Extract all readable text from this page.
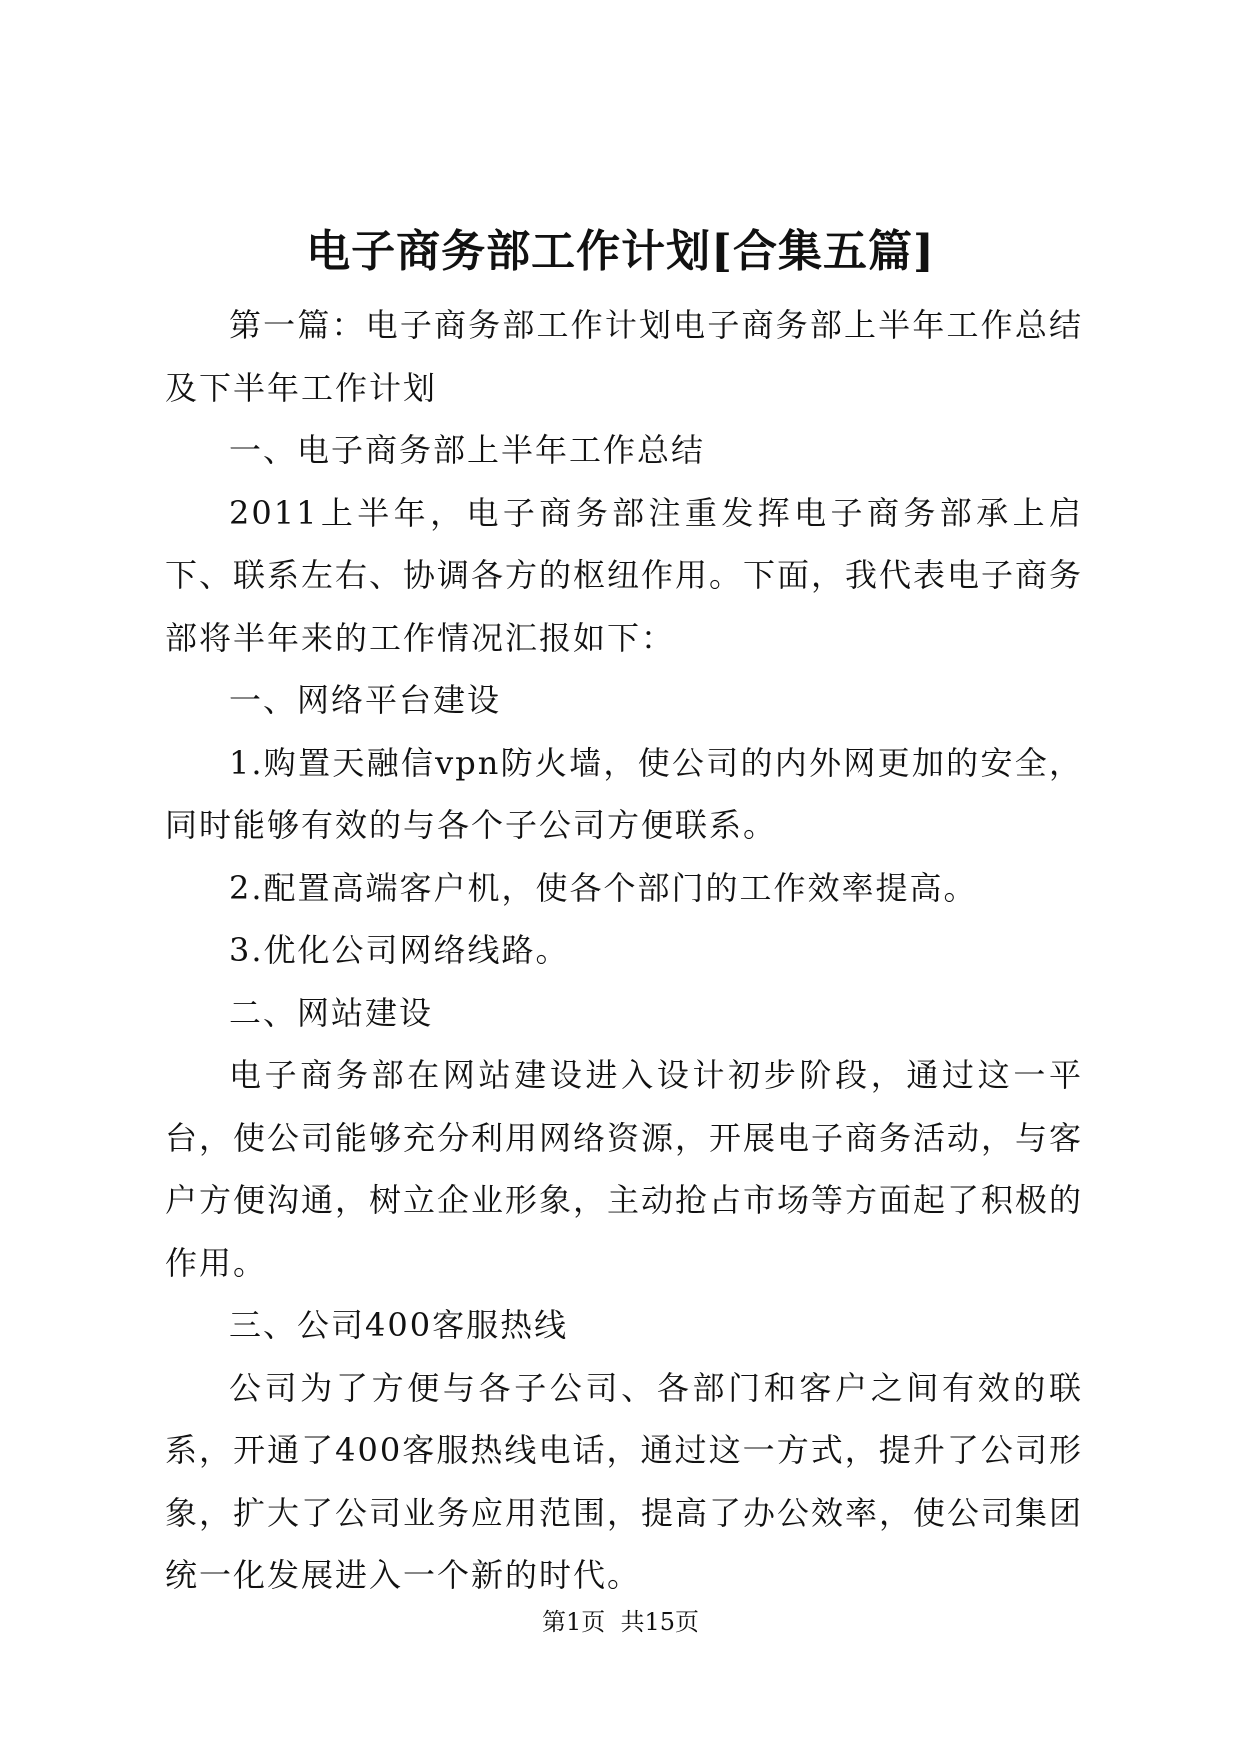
电子商务部工作计划[合集五篇]

第一篇：电子商务部工作计划电子商务部上半年工作总结及下半年工作计划

一、电子商务部上半年工作总结

2011上半年，电子商务部注重发挥电子商务部承上启下、联系左右、协调各方的枢纽作用。下面，我代表电子商务部将半年来的工作情况汇报如下：

一、网络平台建设

1.购置天融信vpn防火墙，使公司的内外网更加的安全，同时能够有效的与各个子公司方便联系。

2.配置高端客户机，使各个部门的工作效率提高。

3.优化公司网络线路。

二、网站建设

电子商务部在网站建设进入设计初步阶段，通过这一平台，使公司能够充分利用网络资源，开展电子商务活动，与客户方便沟通，树立企业形象，主动抢占市场等方面起了积极的作用。

三、公司400客服热线

公司为了方便与各子公司、各部门和客户之间有效的联系，开通了400客服热线电话，通过这一方式，提升了公司形象，扩大了公司业务应用范围，提高了办公效率，使公司集团统一化发展进入一个新的时代。

第1页  共15页
